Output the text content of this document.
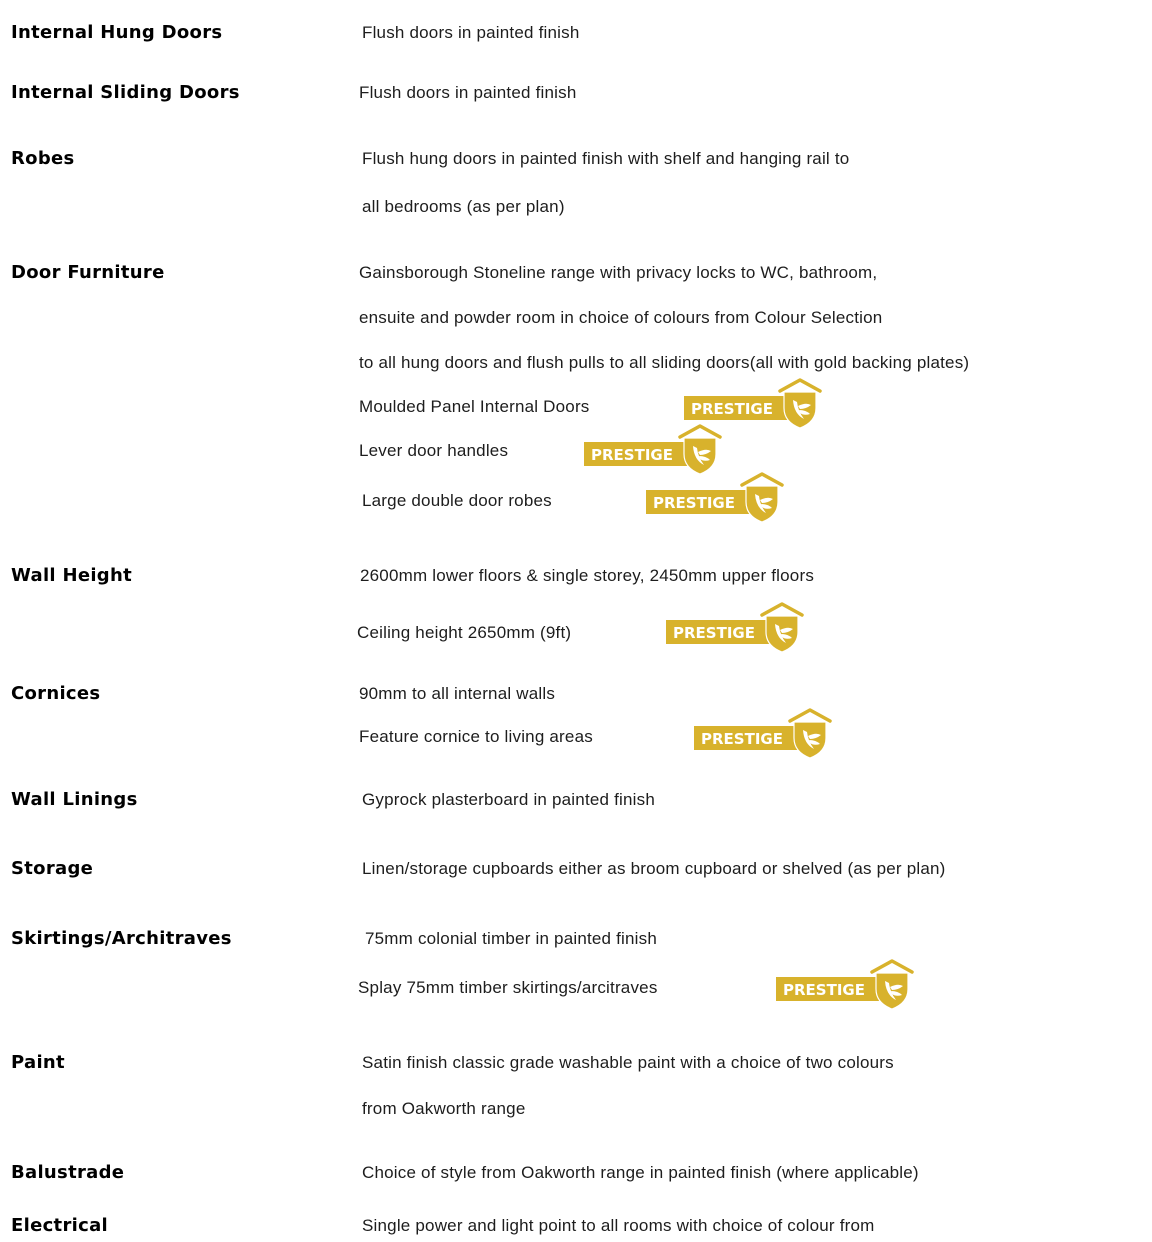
Internal Hung Doors	Flush doors in painted finish
Internal Sliding Doors	Flush doors in painted finish
Robes	Flush hung doors in painted finish with shelf and hanging rail to
all bedrooms (as per plan)
Door Furniture	Gainsborough Stoneline range with privacy locks to WC, bathroom,
ensuite and powder room in choice of colours from Colour Selection
to all hung doors and flush pulls to all sliding doors(all with gold backing plates)
Moulded Panel Internal Doors	PRESTIGE
Lever door handles	PRESTIGE
Large double door robes	PRESTIGE
Wall Height	2600mm lower floors & single storey, 2450mm upper floors
Ceiling height 2650mm (9ft)	PRESTIGE
Cornices	90mm to all internal walls
Feature cornice to living areas	PRESTIGE
Wall Linings	Gyprock plasterboard in painted finish
Storage	Linen/storage cupboards either as broom cupboard or shelved (as per plan)
Skirtings/Architraves	75mm colonial timber in painted finish
Splay 75mm timber skirtings/arcitraves	PRESTIGE
Paint	Satin finish classic grade washable paint with a choice of two colours
from Oakworth range
Balustrade	Choice of style from Oakworth range in painted finish (where applicable)
Electrical	Single power and light point to all rooms with choice of colour from
